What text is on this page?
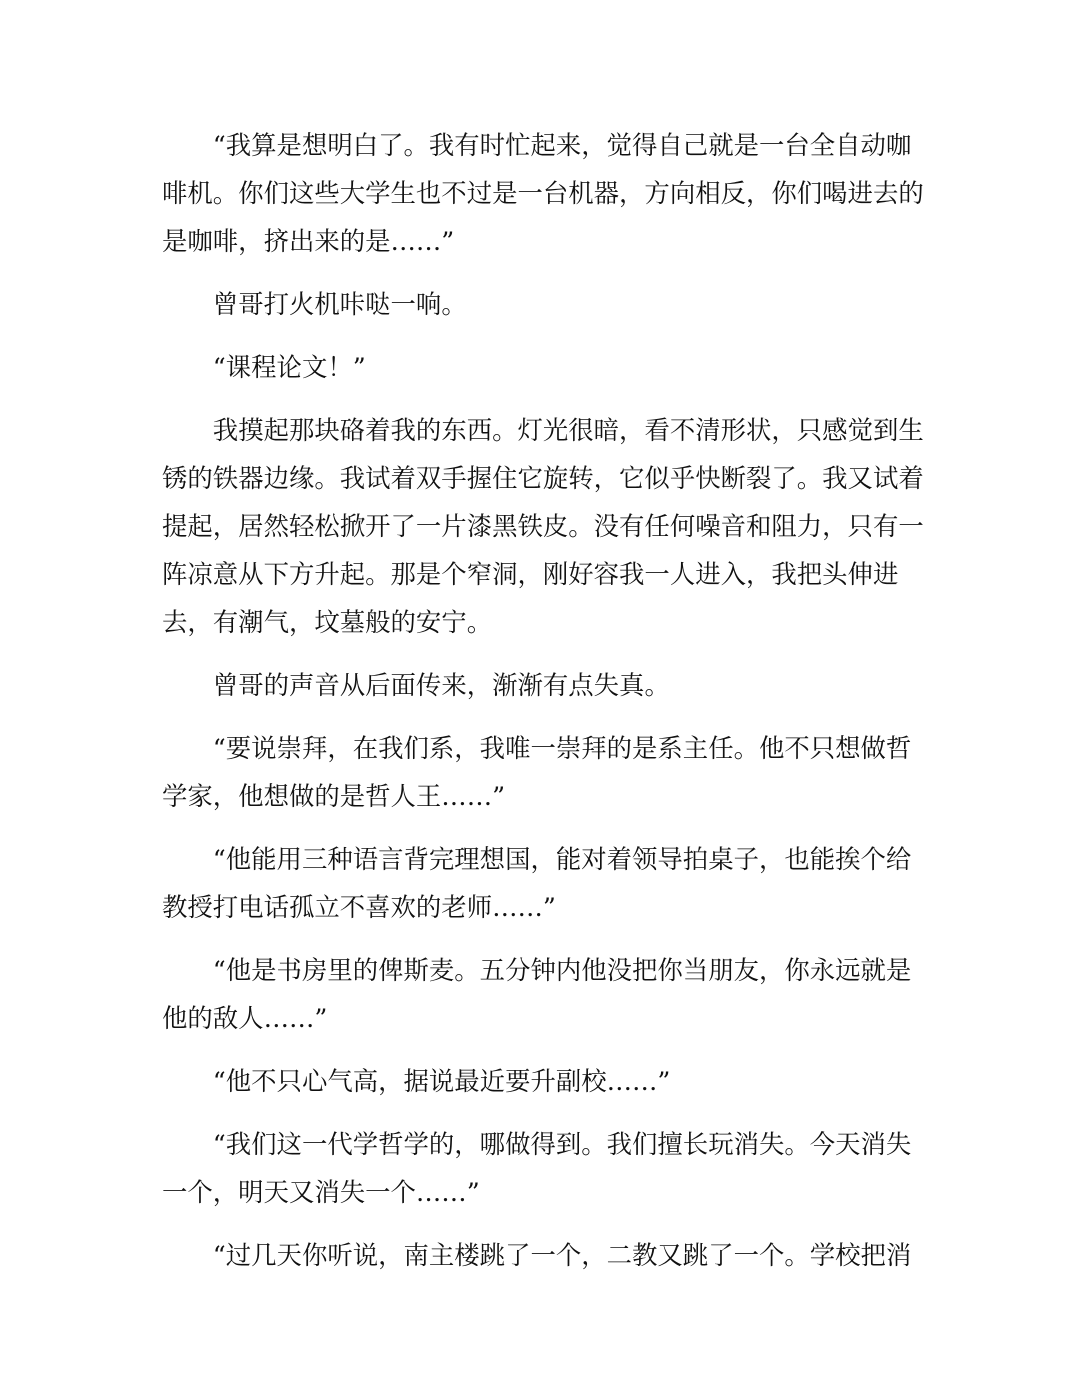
“我算是想明白了。我有时忙起来，觉得自己就是一台全自动咖
啡机。你们这些大学生也不过是一台机器，方向相反，你们喝进去的
是咖啡，挤出来的是……”
曾哥打火机咔哒一响。
“课程论文！”
我摸起那块硌着我的东西。灯光很暗，看不清形状，只感觉到生
锈的铁器边缘。我试着双手握住它旋转，它似乎快断裂了。我又试着
提起，居然轻松掀开了一片漆黑铁皮。没有任何噪音和阻力，只有一
阵凉意从下方升起。那是个窄洞，刚好容我一人进入，我把头伸进
去，有潮气，坟墓般的安宁。
曾哥的声音从后面传来，渐渐有点失真。
“要说崇拜，在我们系，我唯一崇拜的是系主任。他不只想做哲
学家，他想做的是哲人王……”
“他能用三种语言背完理想国，能对着领导拍桌子，也能挨个给
教授打电话孤立不喜欢的老师……”
“他是书房里的俾斯麦。五分钟内他没把你当朋友，你永远就是
他的敌人……”
“他不只心气高，据说最近要升副校……”
“我们这一代学哲学的，哪做得到。我们擅长玩消失。今天消失
一个，明天又消失一个……”
“过几天你听说，南主楼跳了一个，二教又跳了一个。学校把消
